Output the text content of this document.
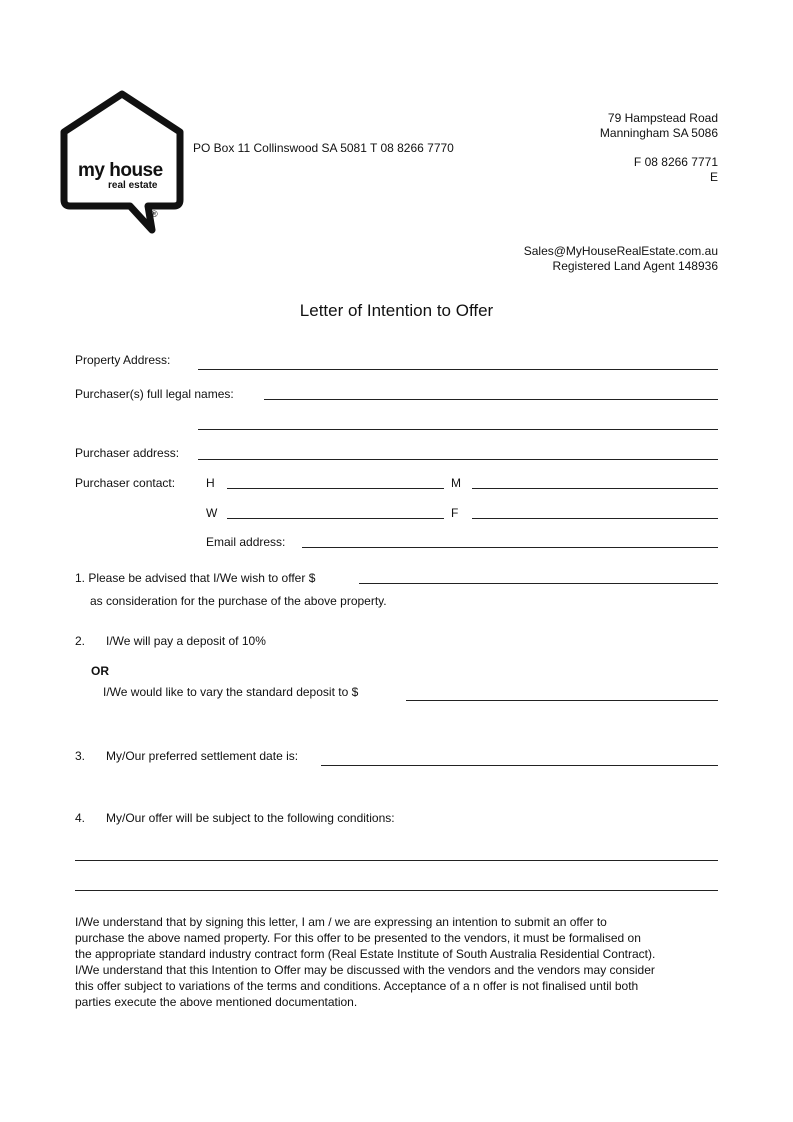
my house
real estate
®
PO Box 11 Collinswood SA 5081 T 08 8266 7770
79 Hampstead Road
Manningham SA 5086
F 08 8266 7771
E
Sales@MyHouseRealEstate.com.au
Registered Land Agent 148936
Letter of Intention to Offer
Property Address:
Purchaser(s) full legal names:
Purchaser address:
Purchaser contact:	H	M
W	F
Email address:
1. Please be advised that I/We wish to offer $
as consideration for the purchase of the above property.
2. I/We will pay a deposit of 10%
OR
I/We would like to vary the standard deposit to $
3. My/Our preferred settlement date is:
4. My/Our offer will be subject to the following conditions:

I/We understand that by signing this letter, I am / we are expressing an intention to submit an offer to

purchase the above named property. For this offer to be presented to the vendors, it must be formalised on

the appropriate standard industry contract form (Real Estate Institute of South Australia Residential Contract).

I/We understand that this Intention to Offer may be discussed with the vendors and the vendors may consider

this offer subject to variations of the terms and conditions. Acceptance of a n offer is not finalised until both

parties execute the above mentioned documentation.
